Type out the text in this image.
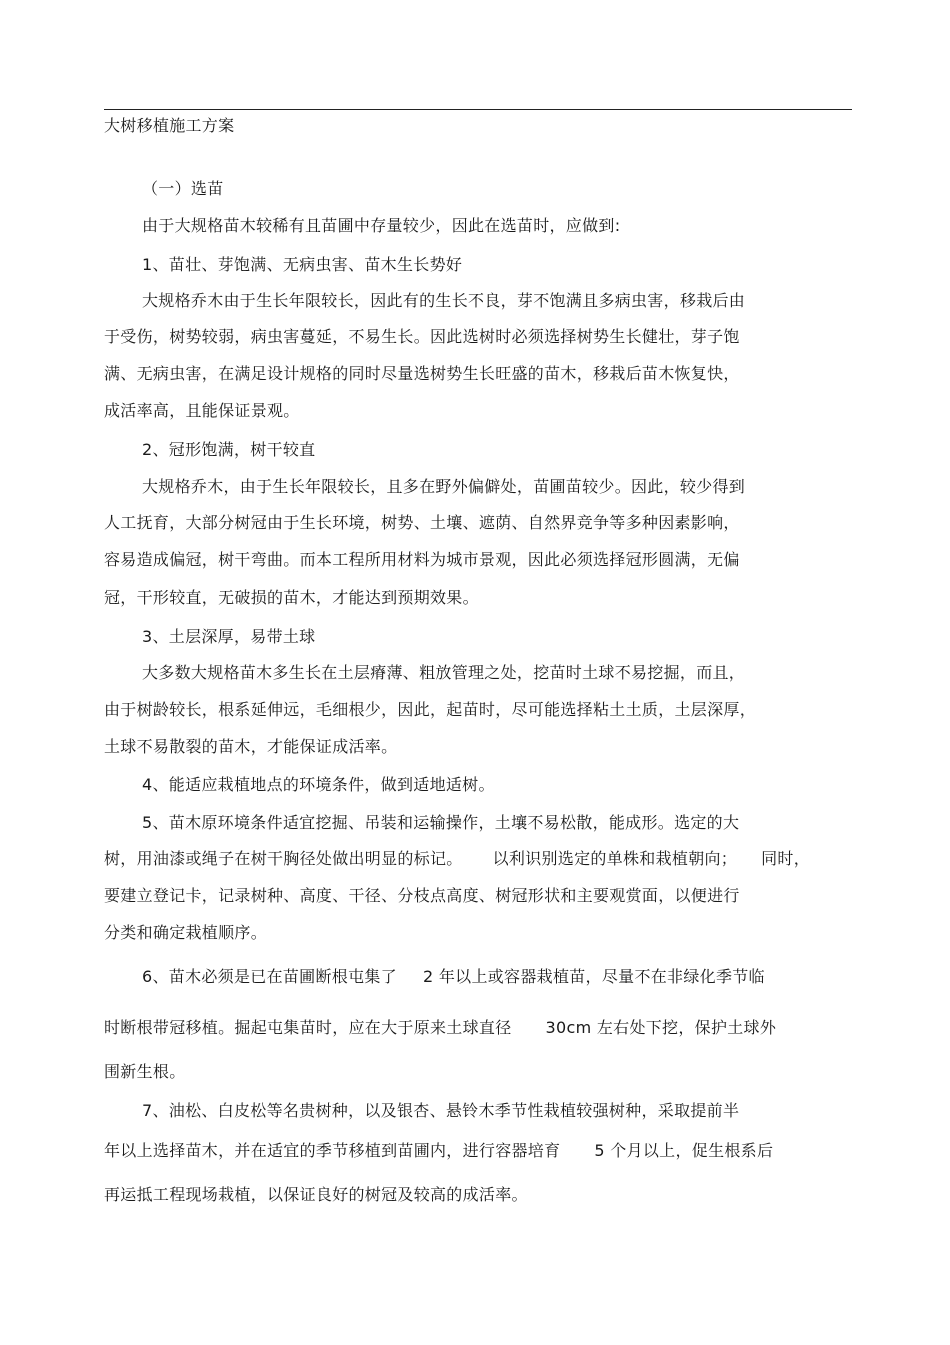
大树移植施工方案
（一）选苗
由于大规格苗木较稀有且苗圃中存量较少，因此在选苗时，应做到:
1、苗壮、芽饱满、无病虫害、苗木生长势好
大规格乔木由于生长年限较长，因此有的生长不良，芽不饱满且多病虫害，移栽后由
于受伤，树势较弱，病虫害蔓延，不易生长。因此选树时必须选择树势生长健壮，芽子饱
满、无病虫害，在满足设计规格的同时尽量选树势生长旺盛的苗木，移栽后苗木恢复快，
成活率高，且能保证景观。
2、冠形饱满，树干较直
大规格乔木，由于生长年限较长，且多在野外偏僻处，苗圃苗较少。因此，较少得到
人工抚育，大部分树冠由于生长环境，树势、土壤、遮荫、自然界竞争等多种因素影响，
容易造成偏冠，树干弯曲。而本工程所用材料为城市景观，因此必须选择冠形圆满，无偏
冠，干形较直，无破损的苗木，才能达到预期效果。
3、土层深厚，易带土球
大多数大规格苗木多生长在土层瘠薄、粗放管理之处，挖苗时土球不易挖掘，而且，
由于树龄较长，根系延伸远，毛细根少，因此，起苗时，尽可能选择粘土土质，土层深厚，
土球不易散裂的苗木，才能保证成活率。
4、能适应栽植地点的环境条件，做到适地适树。
5、苗木原环境条件适宜挖掘、吊装和运输操作，土壤不易松散，能成形。选定的大
树，用油漆或绳子在树干胸径处做出明显的标记。 以利识别选定的单株和栽植朝向； 同时，
要建立登记卡，记录树种、高度、干径、分枝点高度、树冠形状和主要观赏面，以便进行
分类和确定栽植顺序。
6、苗木必须是已在苗圃断根屯集了 2 年以上或容器栽植苗，尽量不在非绿化季节临
时断根带冠移植。掘起屯集苗时，应在大于原来土球直径 30cm 左右处下挖，保护土球外
围新生根。
7、油松、白皮松等名贵树种，以及银杏、悬铃木季节性栽植较强树种，采取提前半
年以上选择苗木，并在适宜的季节移植到苗圃内，进行容器培育 5 个月以上，促生根系后
再运抵工程现场栽植，以保证良好的树冠及较高的成活率。
